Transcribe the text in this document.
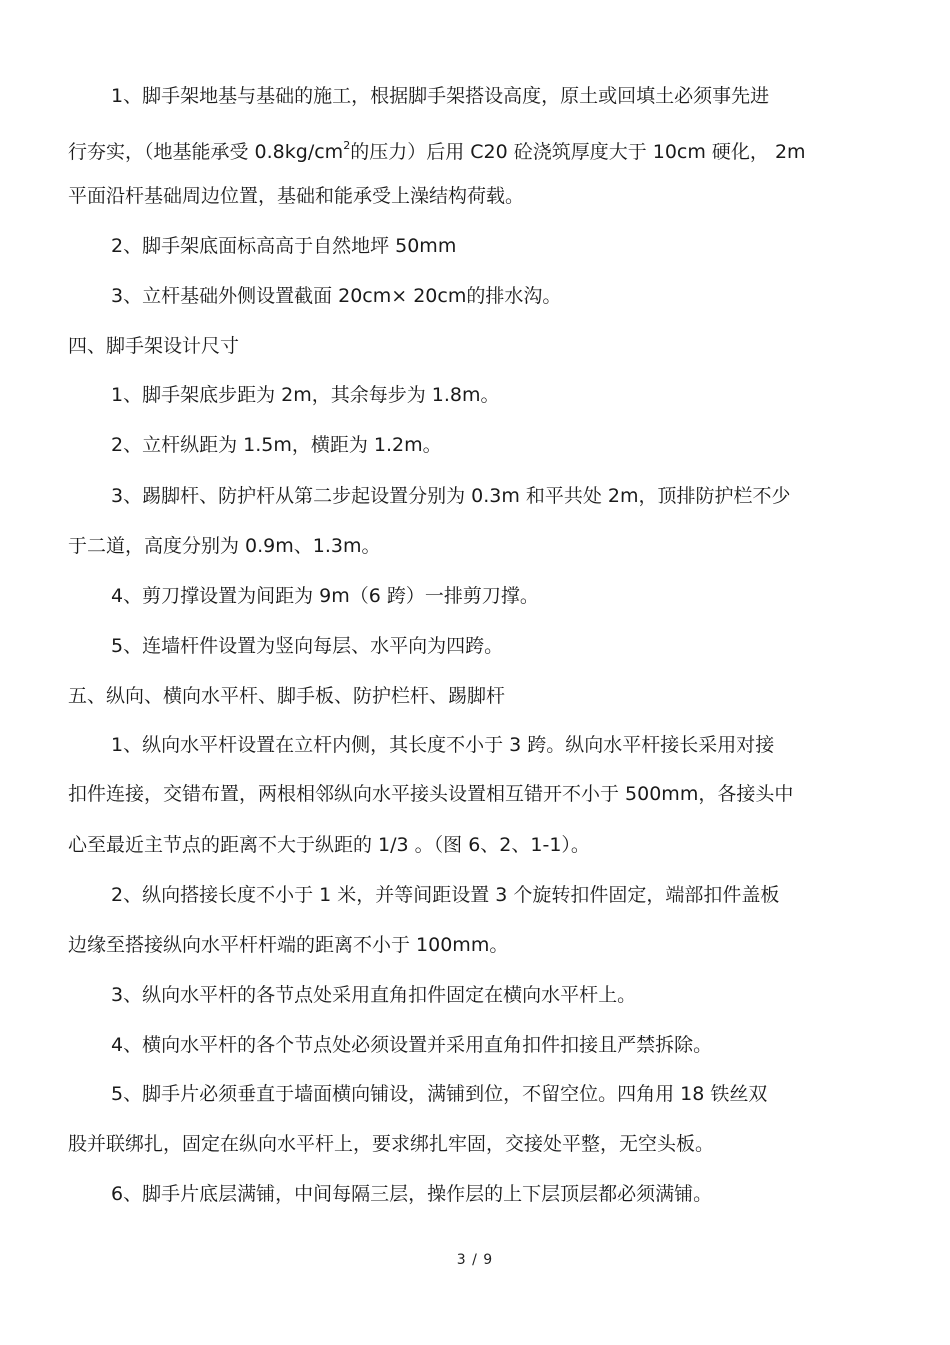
1、脚手架地基与基础的施工，根据脚手架搭设高度，原土或回填土必须事先进
行夯实，（地基能承受 $0.8kg/cm^2$的压力）后用 C20 砼浇筑厚度大于 10cm 硬化， 2m
平面沿杆基础周边位置，基础和能承受上澡结构荷载。
2、脚手架底面标高高于自然地坪 50mm
3、立杆基础外侧设置截面 20cm× 20cm的排水沟。
四、脚手架设计尺寸
1、脚手架底步距为 2m，其余每步为 1.8m。
2、立杆纵距为 1.5m，横距为 1.2m。
3、踢脚杆、防护杆从第二步起设置分别为 0.3m 和平共处 2m，顶排防护栏不少
于二道，高度分别为 0.9m、1.3m。
4、剪刀撑设置为间距为 9m（6 跨）一排剪刀撑。
5、连墙杆件设置为竖向每层、水平向为四跨。
五、纵向、横向水平杆、脚手板、防护栏杆、踢脚杆
1、纵向水平杆设置在立杆内侧，其长度不小于 3 跨。纵向水平杆接长采用对接
扣件连接，交错布置，两根相邻纵向水平接头设置相互错开不小于 500mm，各接头中
心至最近主节点的距离不大于纵距的 1/3 。（图 6、2、1-1）。
2、纵向搭接长度不小于 1 米，并等间距设置 3 个旋转扣件固定，端部扣件盖板
边缘至搭接纵向水平杆杆端的距离不小于 100mm。
3、纵向水平杆的各节点处采用直角扣件固定在横向水平杆上。
4、横向水平杆的各个节点处必须设置并采用直角扣件扣接且严禁拆除。
5、脚手片必须垂直于墙面横向铺设，满铺到位，不留空位。四角用 18 铁丝双
股并联绑扎，固定在纵向水平杆上，要求绑扎牢固，交接处平整，无空头板。
6、脚手片底层满铺，中间每隔三层，操作层的上下层顶层都必须满铺。
3 / 9
